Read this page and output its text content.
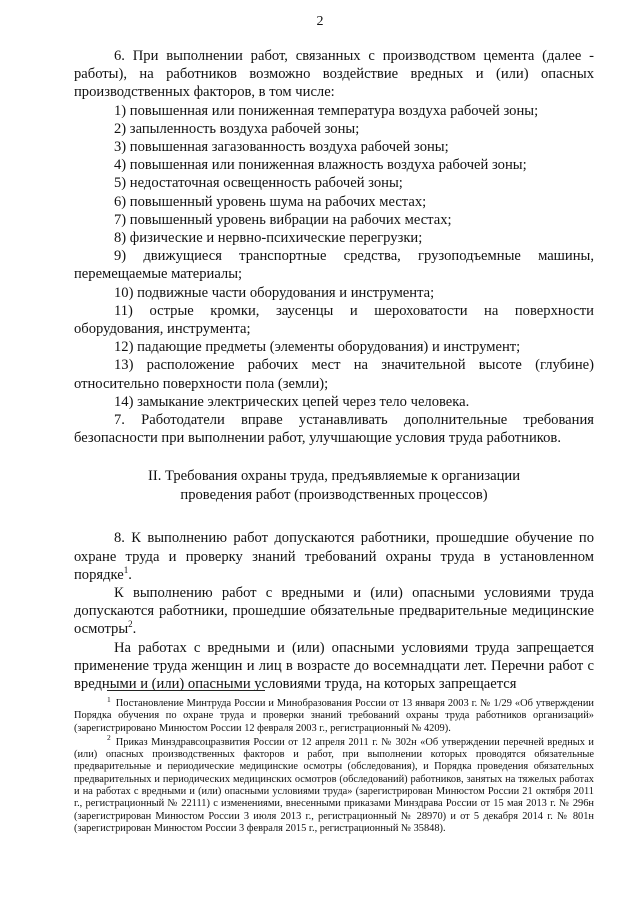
2

6. При выполнении работ, связанных с производством цемента (далее - работы), на работников возможно воздействие вредных и (или) опасных производственных факторов, в том числе:

1) повышенная или пониженная температура воздуха рабочей зоны;

2) запыленность воздуха рабочей зоны;

3) повышенная загазованность воздуха рабочей зоны;

4) повышенная или пониженная влажность воздуха рабочей зоны;

5) недостаточная освещенность рабочей зоны;

6) повышенный уровень шума на рабочих местах;

7) повышенный уровень вибрации на рабочих местах;

8) физические и нервно-психические перегрузки;

9) движущиеся транспортные средства, грузоподъемные машины, перемещаемые материалы;

10) подвижные части оборудования и инструмента;

11) острые кромки, заусенцы и шероховатости на поверхности оборудования, инструмента;

12) падающие предметы (элементы оборудования) и инструмент;

13) расположение рабочих мест на значительной высоте (глубине) относительно поверхности пола (земли);

14) замыкание электрических цепей через тело человека.

7. Работодатели вправе устанавливать дополнительные требования безопасности при выполнении работ, улучшающие условия труда работников.

II. Требования охраны труда, предъявляемые к организации
проведения работ (производственных процессов)

8. К выполнению работ допускаются работники, прошедшие обучение по охране труда и проверку знаний требований охраны труда в установленном порядке$^1$.

К выполнению работ с вредными и (или) опасными условиями труда допускаются работники, прошедшие обязательные предварительные медицинские осмотры$^2$.

На работах с вредными и (или) опасными условиями труда запрещается применение труда женщин и лиц в возрасте до восемнадцати лет. Перечни работ с вредными и (или) опасными условиями труда, на которых запрещается

$^1$ Постановление Минтруда России и Минобразования России от 13 января 2003 г. № 1/29 «Об утверждении Порядка обучения по охране труда и проверки знаний требований охраны труда работников организаций» (зарегистрировано Минюстом России 12 февраля 2003 г., регистрационный № 4209).

$^2$ Приказ Минздравсоцразвития России от 12 апреля 2011 г. № 302н «Об утверждении перечней вредных и (или) опасных производственных факторов и работ, при выполнении которых проводятся обязательные предварительные и периодические медицинские осмотры (обследования), и Порядка проведения обязательных предварительных и периодических медицинских осмотров (обследований) работников, занятых на тяжелых работах и на работах с вредными и (или) опасными условиями труда» (зарегистрирован Минюстом России 21 октября 2011 г., регистрационный № 22111) с изменениями, внесенными приказами Минздрава России от 15 мая 2013 г. № 296н (зарегистрирован Минюстом России 3 июля 2013 г., регистрационный № 28970) и от 5 декабря 2014 г. № 801н (зарегистрирован Минюстом России 3 февраля 2015 г., регистрационный № 35848).
